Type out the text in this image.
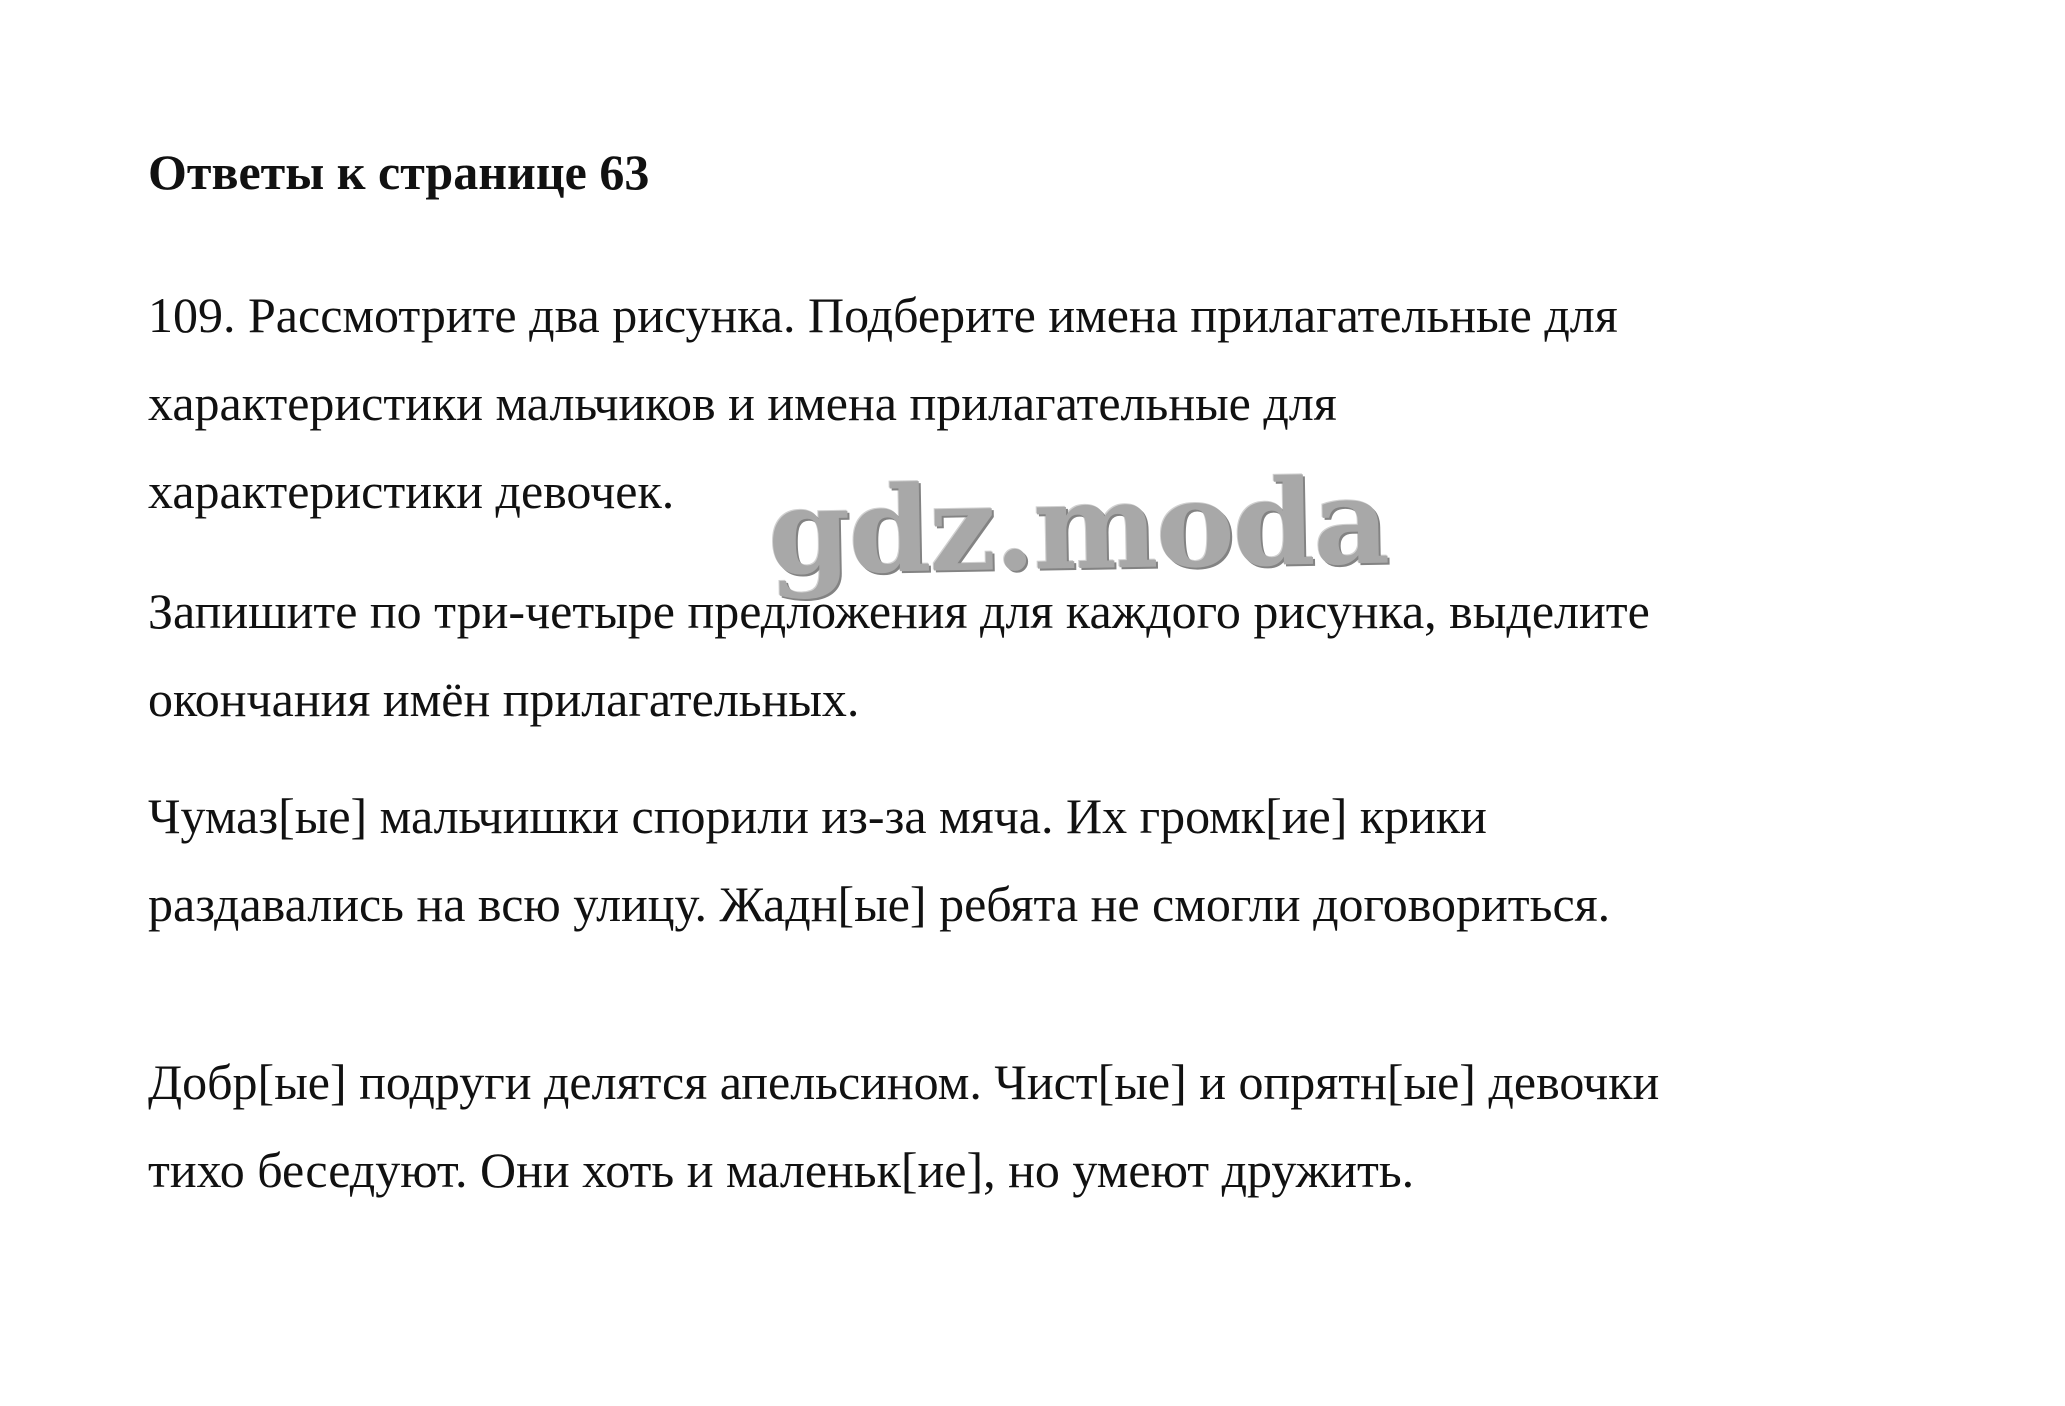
Ответы к странице 63
109. Рассмотрите два рисунка. Подберите имена прилагательные для
характеристики мальчиков и имена прилагательные для
характеристики девочек.
Запишите по три-четыре предложения для каждого рисунка, выделите
окончания имён прилагательных.
Чумаз[ые] мальчишки спорили из-за мяча. Их громк[ие] крики
раздавались на всю улицу. Жадн[ые] ребята не смогли договориться.
Добр[ые] подруги делятся апельсином. Чист[ые] и опрятн[ые] девочки
тихо беседуют. Они хоть и маленьк[ие], но умеют дружить.
gdz.moda
